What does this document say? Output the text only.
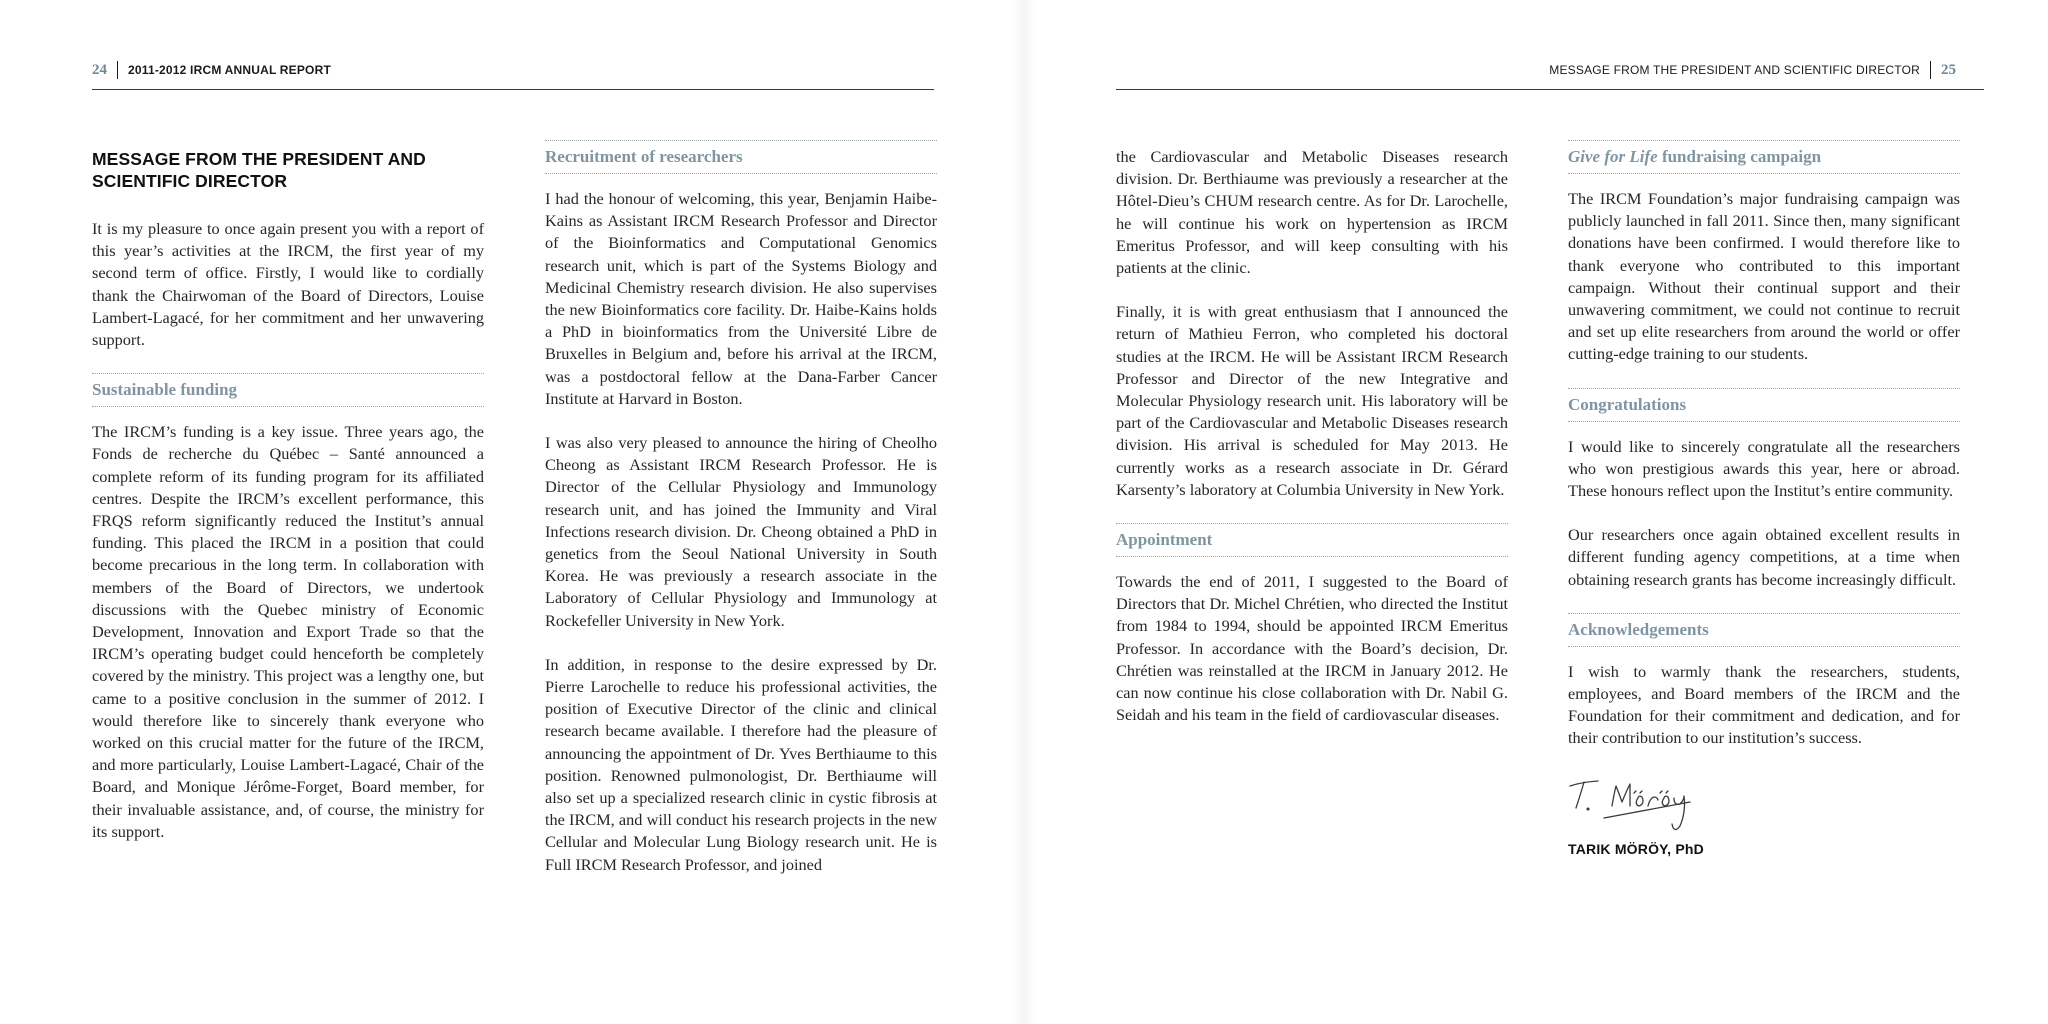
24 2011-2012 IRCM ANNUAL REPORT
MESSAGE FROM THE PRESIDENT AND SCIENTIFIC DIRECTOR

It is my pleasure to once again present you with a report of this year’s activities at the IRCM, the first year of my second term of office. Firstly, I would like to cordially thank the Chairwoman of the Board of Directors, Louise Lambert-Lagacé, for her commitment and her unwavering support.

Sustainable funding

The IRCM’s funding is a key issue. Three years ago, the Fonds de recherche du Québec – Santé announced a complete reform of its funding program for its affiliated centres. Despite the IRCM’s excellent performance, this FRQS reform significantly reduced the Institut’s annual funding. This placed the IRCM in a position that could become precarious in the long term. In collaboration with members of the Board of Directors, we undertook discussions with the Quebec ministry of Economic Development, Innovation and Export Trade so that the IRCM’s operating budget could henceforth be completely covered by the ministry. This project was a lengthy one, but came to a positive conclusion in the summer of 2012. I would therefore like to sincerely thank everyone who worked on this crucial matter for the future of the IRCM, and more particularly, Louise Lambert-Lagacé, Chair of the Board, and Monique Jérôme-Forget, Board member, for their invaluable assistance, and, of course, the ministry for its support.

Recruitment of researchers

I had the honour of welcoming, this year, Benjamin Haibe-Kains as Assistant IRCM Research Professor and Director of the Bioinformatics and Computational Genomics research unit, which is part of the Systems Biology and Medicinal Chemistry research division. He also supervises the new Bioinformatics core facility. Dr. Haibe-Kains holds a PhD in bioinformatics from the Université Libre de Bruxelles in Belgium and, before his arrival at the IRCM, was a postdoctoral fellow at the Dana-Farber Cancer Institute at Harvard in Boston.

I was also very pleased to announce the hiring of Cheolho Cheong as Assistant IRCM Research Professor. He is Director of the Cellular Physiology and Immunology research unit, and has joined the Immunity and Viral Infections research division. Dr. Cheong obtained a PhD in genetics from the Seoul National University in South Korea. He was previously a research associate in the Laboratory of Cellular Physiology and Immunology at Rockefeller University in New York.

In addition, in response to the desire expressed by Dr. Pierre Larochelle to reduce his professional activities, the position of Executive Director of the clinic and clinical research became available. I therefore had the pleasure of announcing the appointment of Dr. Yves Berthiaume to this position. Renowned pulmonologist, Dr. Berthiaume will also set up a specialized research clinic in cystic fibrosis at the IRCM, and will conduct his research projects in the new Cellular and Molecular Lung Biology research unit. He is Full IRCM Research Professor, and joined

MESSAGE FROM THE PRESIDENT AND SCIENTIFIC DIRECTOR 25

the Cardiovascular and Metabolic Diseases research division. Dr. Berthiaume was previously a researcher at the Hôtel-Dieu’s CHUM research centre. As for Dr. Larochelle, he will continue his work on hypertension as IRCM Emeritus Professor, and will keep consulting with his patients at the clinic.

Finally, it is with great enthusiasm that I announced the return of Mathieu Ferron, who completed his doctoral studies at the IRCM. He will be Assistant IRCM Research Professor and Director of the new Integrative and Molecular Physiology research unit. His laboratory will be part of the Cardiovascular and Metabolic Diseases research division. His arrival is scheduled for May 2013. He currently works as a research associate in Dr. Gérard Karsenty’s laboratory at Columbia University in New York.

Appointment

Towards the end of 2011, I suggested to the Board of Directors that Dr. Michel Chrétien, who directed the Institut from 1984 to 1994, should be appointed IRCM Emeritus Professor. In accordance with the Board’s decision, Dr. Chrétien was reinstalled at the IRCM in January 2012. He can now continue his close collaboration with Dr. Nabil G. Seidah and his team in the field of cardiovascular diseases.

Give for Life fundraising campaign

The IRCM Foundation’s major fundraising campaign was publicly launched in fall 2011. Since then, many significant donations have been confirmed. I would therefore like to thank everyone who contributed to this important campaign. Without their continual support and their unwavering commitment, we could not continue to recruit and set up elite researchers from around the world or offer cutting-edge training to our students.

Congratulations

I would like to sincerely congratulate all the researchers who won prestigious awards this year, here or abroad. These honours reflect upon the Institut’s entire community.

Our researchers once again obtained excellent results in different funding agency competitions, at a time when obtaining research grants has become increasingly difficult.

Acknowledgements

I wish to warmly thank the researchers, students, employees, and Board members of the IRCM and the Foundation for their commitment and dedication, and for their contribution to our institution’s success.

TARIK MÖRÖY, PhD
